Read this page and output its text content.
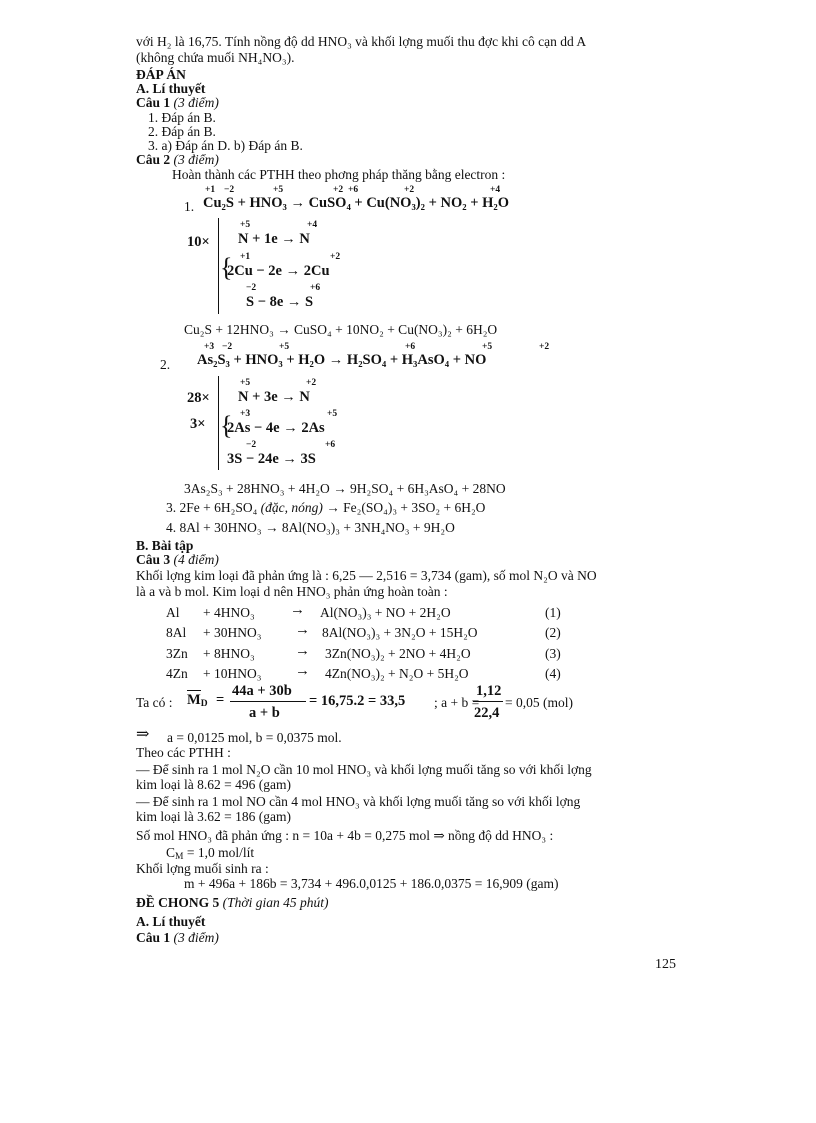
với H₂ là 16,75. Tính nồng độ dd HNO₃ và khối lợng muối thu đợc khi cô cạn dd A
(không chứa muối NH₄NO₃).
ĐÁP ÁN
A. Lí thuyết
Câu 1 (3 điểm)
1. Đáp án B.
2. Đáp án B.
3. a) Đáp án D. b) Đáp án B.
Câu 2 (3 điểm)
Hoàn thành các PTHH theo phơng pháp thăng bằng electron :
+1 −2	+5	+2 +6	+2	+4
1. Cu₂S + HNO₃ → CuSO₄ + Cu(NO₃)₂ + NO₂ + H₂O
10×
+5	+4
N + 1e → N
{ +1	+2
2Cu − 2e → 2Cu
−2	+6
S − 8e → S
Cu₂S + 12HNO₃ → CuSO₄ + 10NO₂ + Cu(NO₃)₂ + 6H₂O
+3 −2	+5	+6	+5	+2
2. As₂S₃ + HNO₃ + H₂O → H₂SO₄ + H₃AsO₄ + NO
28×
3×
+5	+2
N + 3e → N
{ +3	+5
2As − 4e → 2As
−2	+6
3S − 24e → 3S
3As₂S₃ + 28HNO₃ + 4H₂O → 9H₂SO₄ + 6H₃AsO₄ + 28NO
3. 2Fe + 6H₂SO₄ (đặc, nóng) → Fe₂(SO₄)₃ + 3SO₂ + 6H₂O
4. 8Al + 30HNO₃ → 8Al(NO₃)₃ + 3NH₄NO₃ + 9H₂O
B. Bài tập
Câu 3 (4 điểm)
Khối lợng kim loại đã phản ứng là : 6,25 — 2,516 = 3,734 (gam), số mol N₂O và NO
là a và b mol. Kim loại d nên HNO₃ phản ứng hoàn toàn :
Al + 4HNO₃ → Al(NO₃)₃ + NO + 2H₂O	(1)
8Al + 30HNO₃ → 8Al(NO₃)₃ + 3N₂O + 15H₂O	(2)
3Zn + 8HNO₃	→ 3Zn(NO₃)₂ + 2NO + 4H₂O	(3)
4Zn + 10HNO₃ → 4Zn(NO₃)₂ + N₂O + 5H₂O	(4)
Ta có : $M_D$ =
44a + 30b
a + b
= 16,75.2 = 33,5 ; a + b =
1,12
22,4
= 0,05 (mol)
⇒ a = 0,0125 mol, b = 0,0375 mol.
Theo các PTHH :
— Để sinh ra 1 mol N₂O cần 10 mol HNO₃ và khối lợng muối tăng so với khối lợng
kim loại là 8.62 = 496 (gam)
— Để sinh ra 1 mol NO cần 4 mol HNO₃ và khối lợng muối tăng so với khối lợng
kim loại là 3.62 = 186 (gam)
Số mol HNO₃ đã phản ứng : n = 10a + 4b = 0,275 mol ⇒ nồng độ dd HNO₃ :
$C_M = 1,0$ mol/lít
Khối lợng muối sinh ra :
m + 496a + 186b = 3,734 + 496.0,0125 + 186.0,0375 = 16,909 (gam)
ĐỀ CHONG 5 (Thời gian 45 phút)
A. Lí thuyết
Câu 1 (3 điểm)
125
